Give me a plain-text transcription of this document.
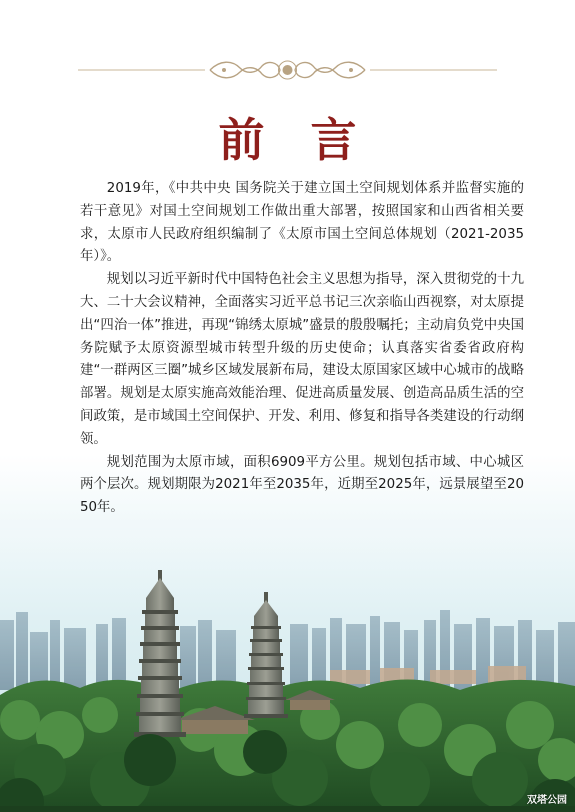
前言

2019年，《中共中央 国务院关于建立国土空间规划体系并监督实施的若干意见》对国土空间规划工作做出重大部署，按照国家和山西省相关要求，太原市人民政府组织编制了《太原市国土空间总体规划（2021-2035年）》。

规划以习近平新时代中国特色社会主义思想为指导，深入贯彻党的十九大、二十大会议精神，全面落实习近平总书记三次亲临山西视察，对太原提出“四治一体”推进，再现“锦绣太原城”盛景的殷殷嘱托；主动肩负党中央国务院赋予太原资源型城市转型升级的历史使命；认真落实省委省政府构建“一群两区三圈”城乡区域发展新布局，建设太原国家区域中心城市的战略部署。规划是太原实施高效能治理、促进高质量发展、创造高品质生活的空间政策，是市域国土空间保护、开发、利用、修复和指导各类建设的行动纲领。

规划范围为太原市域，面积6909平方公里。规划包括市域、中心城区两个层次。规划期限为2021年至2035年，近期至2025年，远景展望至2050年。

双塔公园
